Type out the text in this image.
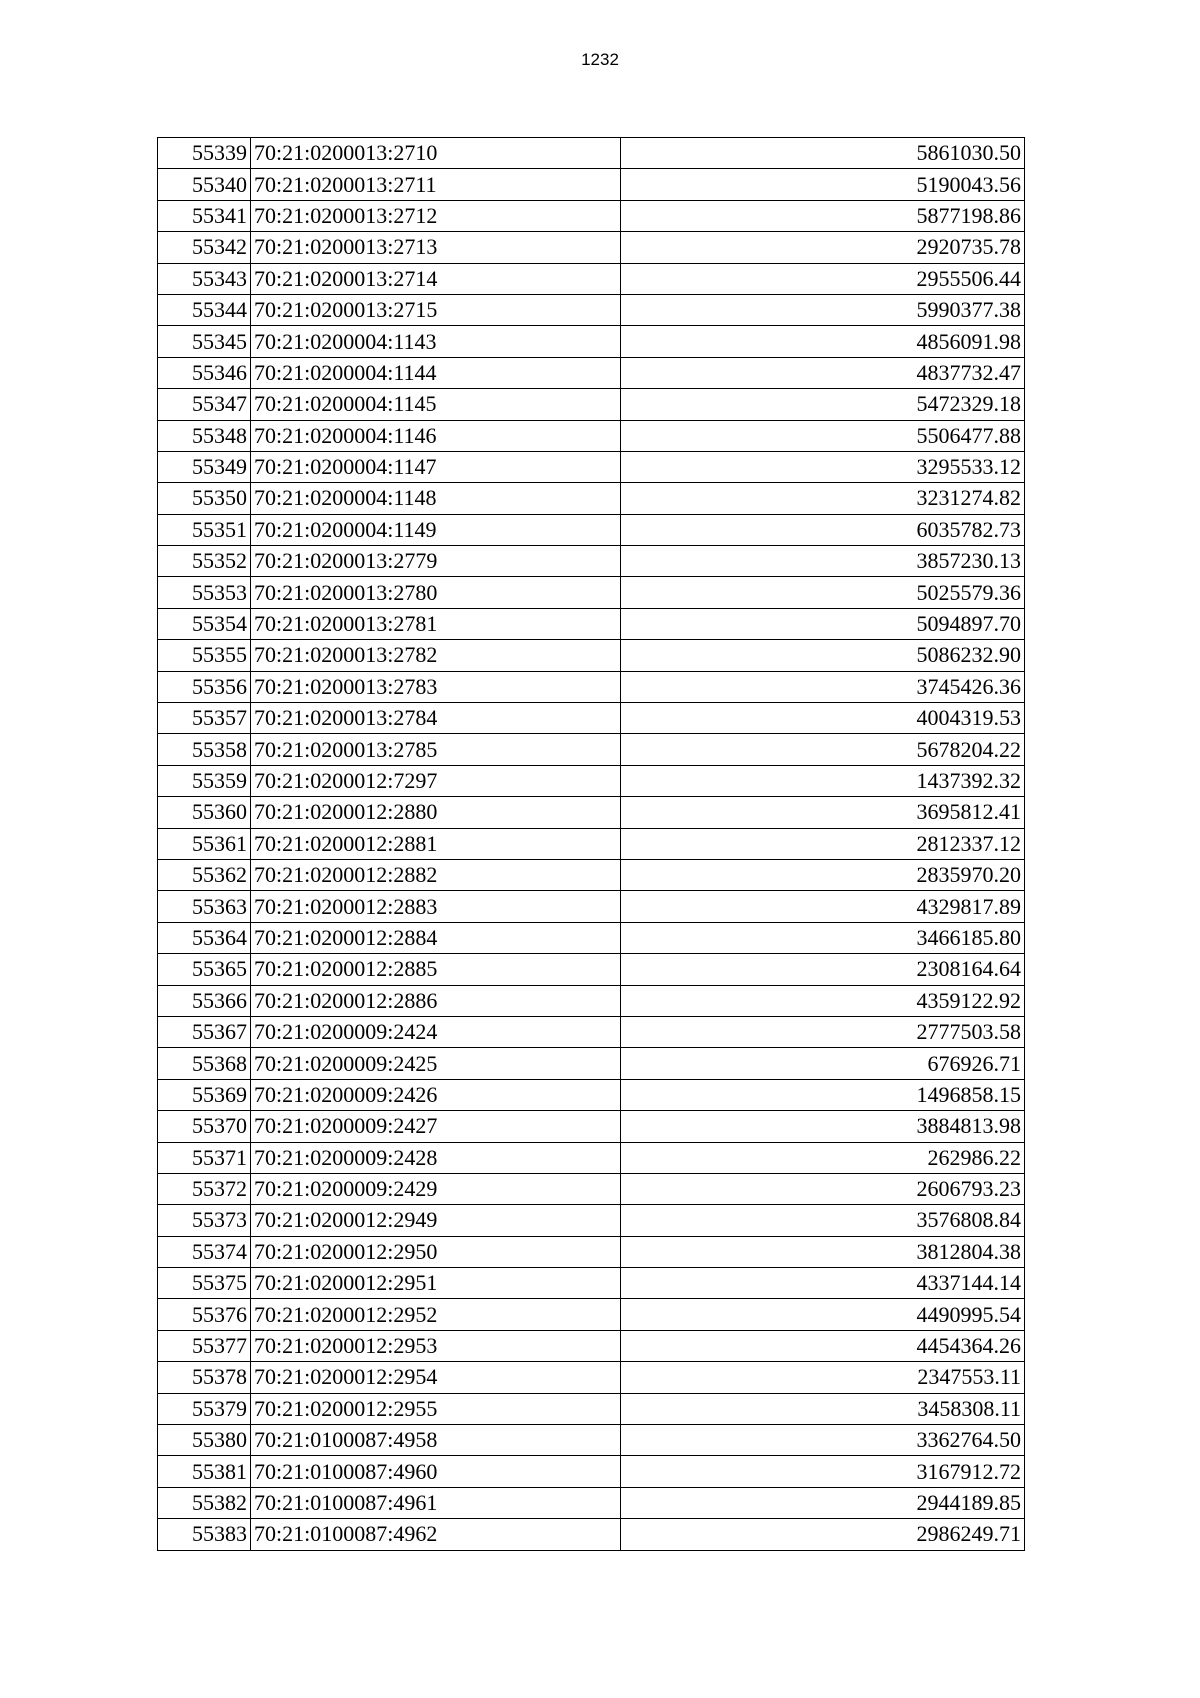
1232
55339	70:21:0200013:2710	5861030.50
55340	70:21:0200013:2711	5190043.56
55341	70:21:0200013:2712	5877198.86
55342	70:21:0200013:2713	2920735.78
55343	70:21:0200013:2714	2955506.44
55344	70:21:0200013:2715	5990377.38
55345	70:21:0200004:1143	4856091.98
55346	70:21:0200004:1144	4837732.47
55347	70:21:0200004:1145	5472329.18
55348	70:21:0200004:1146	5506477.88
55349	70:21:0200004:1147	3295533.12
55350	70:21:0200004:1148	3231274.82
55351	70:21:0200004:1149	6035782.73
55352	70:21:0200013:2779	3857230.13
55353	70:21:0200013:2780	5025579.36
55354	70:21:0200013:2781	5094897.70
55355	70:21:0200013:2782	5086232.90
55356	70:21:0200013:2783	3745426.36
55357	70:21:0200013:2784	4004319.53
55358	70:21:0200013:2785	5678204.22
55359	70:21:0200012:7297	1437392.32
55360	70:21:0200012:2880	3695812.41
55361	70:21:0200012:2881	2812337.12
55362	70:21:0200012:2882	2835970.20
55363	70:21:0200012:2883	4329817.89
55364	70:21:0200012:2884	3466185.80
55365	70:21:0200012:2885	2308164.64
55366	70:21:0200012:2886	4359122.92
55367	70:21:0200009:2424	2777503.58
55368	70:21:0200009:2425	676926.71
55369	70:21:0200009:2426	1496858.15
55370	70:21:0200009:2427	3884813.98
55371	70:21:0200009:2428	262986.22
55372	70:21:0200009:2429	2606793.23
55373	70:21:0200012:2949	3576808.84
55374	70:21:0200012:2950	3812804.38
55375	70:21:0200012:2951	4337144.14
55376	70:21:0200012:2952	4490995.54
55377	70:21:0200012:2953	4454364.26
55378	70:21:0200012:2954	2347553.11
55379	70:21:0200012:2955	3458308.11
55380	70:21:0100087:4958	3362764.50
55381	70:21:0100087:4960	3167912.72
55382	70:21:0100087:4961	2944189.85
55383	70:21:0100087:4962	2986249.71
